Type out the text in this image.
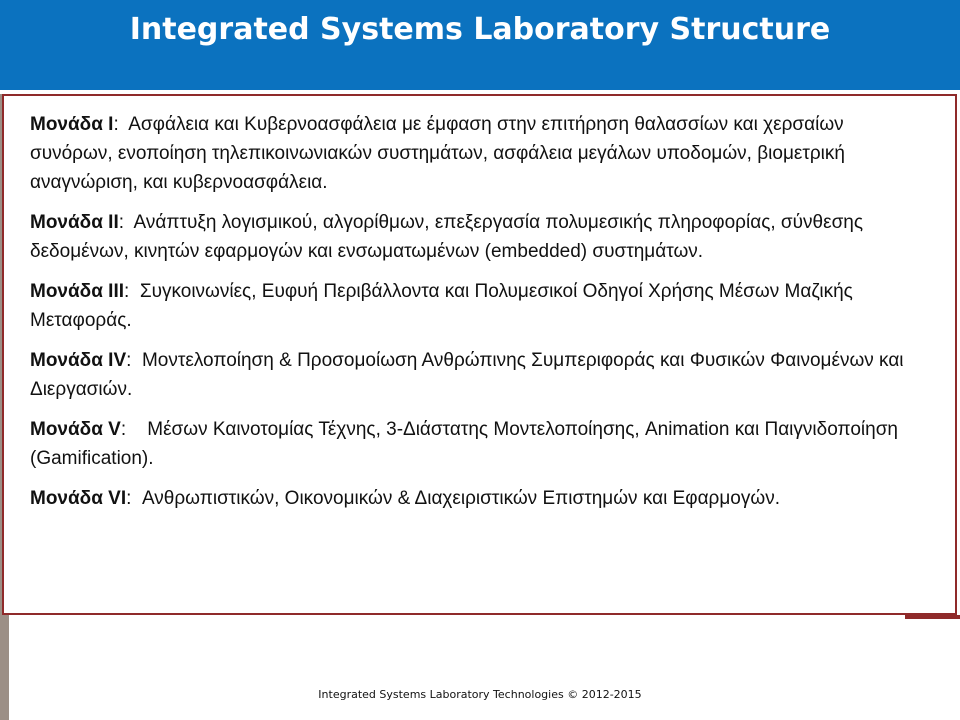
Integrated Systems Laboratory Structure

Μονάδα Ι:  Ασφάλεια και Κυβερνοασφάλεια με έμφαση στην επιτήρηση θαλασσίων και χερσαίων συνόρων, ενοποίηση τηλεπικοινωνιακών συστημάτων, ασφάλεια μεγάλων υποδομών, βιομετρική αναγνώριση, και κυβερνοασφάλεια.

Μονάδα ΙΙ:  Ανάπτυξη λογισμικού, αλγορίθμων, επεξεργασία πολυμεσικής πληροφορίας, σύνθεσης δεδομένων, κινητών εφαρμογών και ενσωματωμένων (embedded) συστημάτων.

Μονάδα ΙΙΙ:  Συγκοινωνίες, Ευφυή Περιβάλλοντα και Πολυμεσικοί Οδηγοί Χρήσης Μέσων Μαζικής Μεταφοράς.

Μονάδα IV:  Μοντελοποίηση & Προσομοίωση Ανθρώπινης Συμπεριφοράς και Φυσικών Φαινομένων και Διεργασιών.

Μονάδα V:    Μέσων Καινοτομίας Τέχνης, 3-Διάστατης Μοντελοποίησης, Animation και Παιγνιδοποίηση (Gamification).

Μονάδα VI:  Ανθρωπιστικών, Οικονομικών & Διαχειριστικών Επιστημών και Εφαρμογών.

Integrated Systems Laboratory Technologies © 2012-2015
